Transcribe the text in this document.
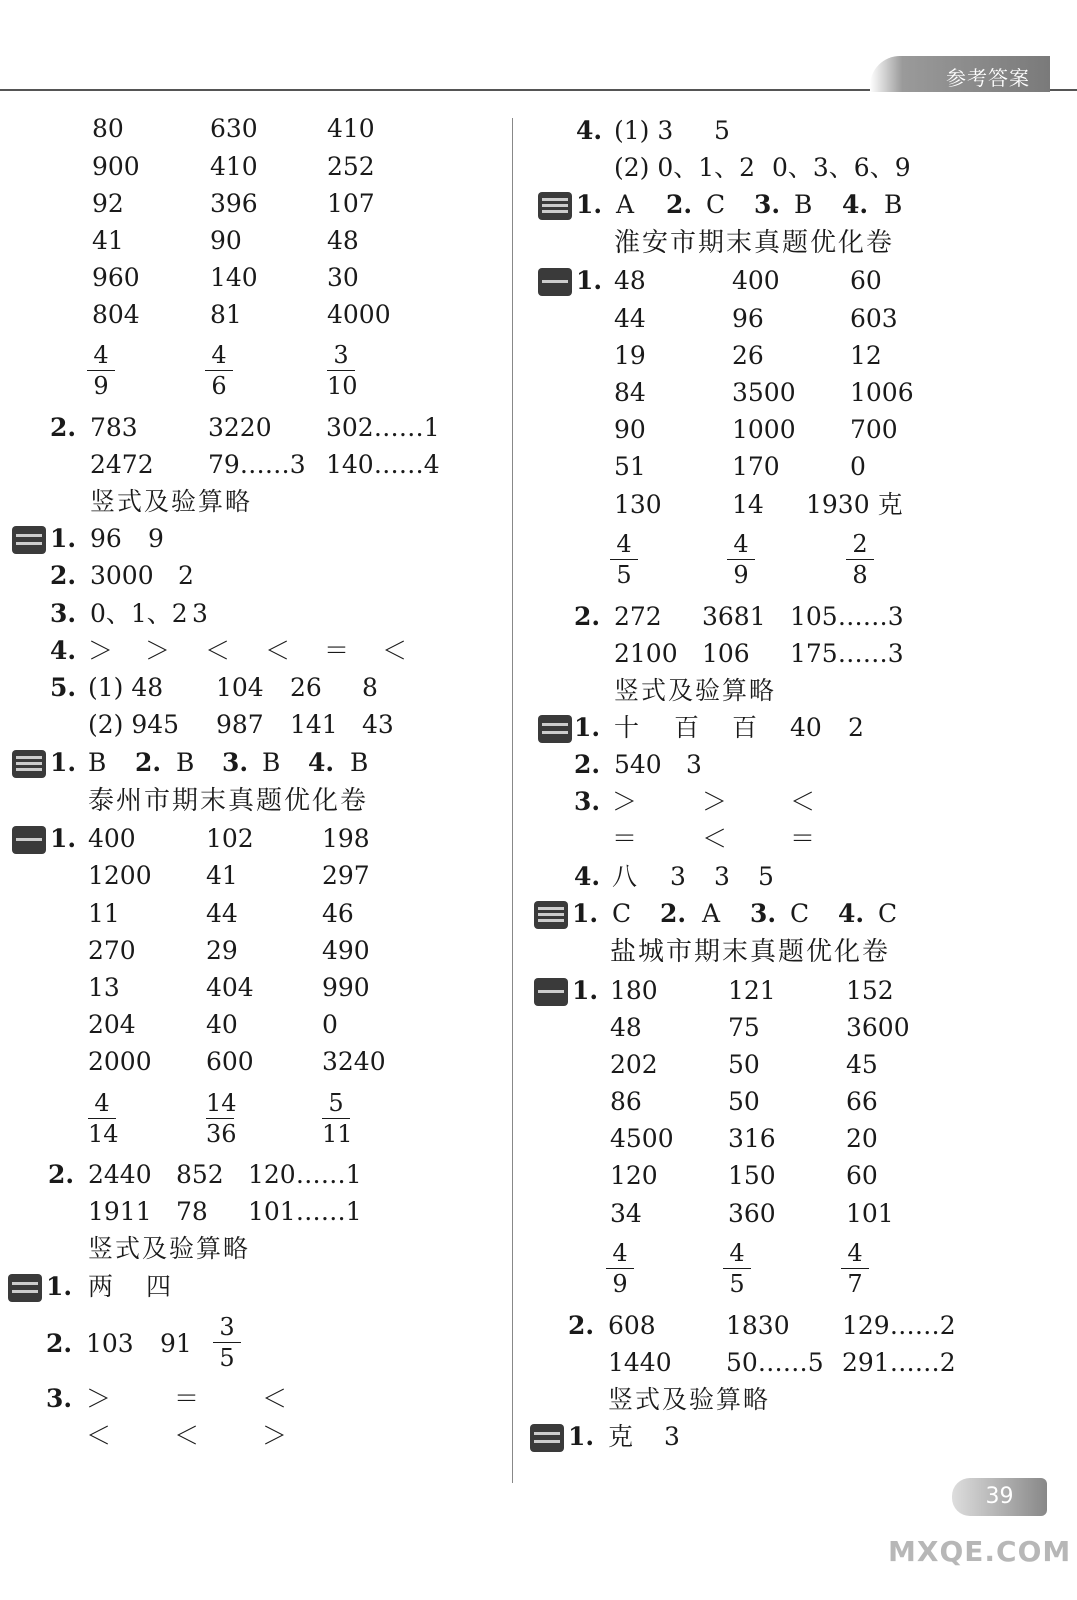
参考答案
80	630	410
900	410	252
92	396	107
41	90	48
960	140	30
804	81	4000
$\frac{4}{9}$	$\frac{4}{6}$	$\frac{3}{10}$
2. 783	3220 302……1
2472 79……3 140……4
竖式及验算略
1. 96 9
2. 3000 2
3. 0、1、2 3
4. ＞ ＞ ＜ ＜ ＝ ＜
5. (1) 48 104 26 8
(2) 945 987 141 43
1. B 2. B 3. B 4. B
泰州市期末真题优化卷
1. 400	102	198
1200 41	297
11	44	46
270	29	490
13	404	990
204	40	0
2000 600	3240
$\frac{4}{14}$	$\frac{14}{36}$	$\frac{5}{11}$
2. 2440 852 120……1
1911 78 101……1
竖式及验算略
1. 两 四
2. 103 $91 \frac{3}{5}$
3. ＞	＝	＜
＜	＜	＞
4. (1) 3 5
(2) 0、1、2 0、3、6、9
1. A 2. C 3. B 4. B
淮安市期末真题优化卷
1. 48	400	60
44	96	603
19	26	12
84	3500 1006
90	1000 700
51	170	0
130	14 1930 克
$\frac{4}{5}$	$\frac{4}{9}$	$\frac{2}{8}$
2. 272 3681 105……3
2100 106 175……3
竖式及验算略
1. 十 百 百 40 2
2. 540 3
3. ＞	＞	＜
＝	＜	＝
4. 八 3 3 5
1. C 2. A 3. C 4. C
盐城市期末真题优化卷
1. 180	121	152
48	75	3600
202	50	45
86	50	66
4500 316	20
120	150	60
34	360	101
$\frac{4}{9}$	$\frac{4}{5}$	$\frac{4}{7}$
2. 608	1830 129……2
1440 50……5 291……2
竖式及验算略
1. 克 3
39
MXQE.COM
